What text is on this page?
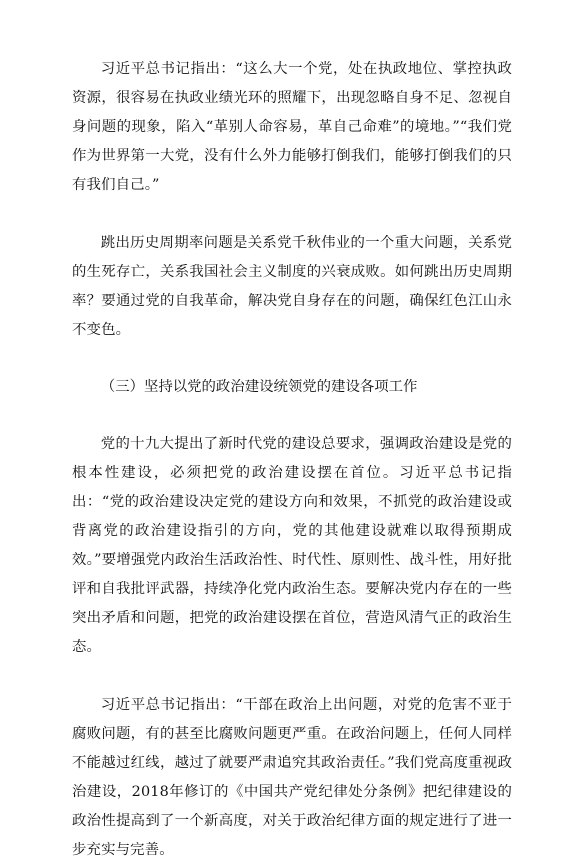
习近平总书记指出：“这么大一个党，处在执政地位、掌控执政资源，很容易在执政业绩光环的照耀下，出现忽略自身不足、忽视自身问题的现象，陷入“革别人命容易，革自己命难”的境地。”“我们党作为世界第一大党，没有什么外力能够打倒我们，能够打倒我们的只有我们自己。”

跳出历史周期率问题是关系党千秋伟业的一个重大问题，关系党的生死存亡，关系我国社会主义制度的兴衰成败。如何跳出历史周期率？要通过党的自我革命，解决党自身存在的问题，确保红色江山永不变色。

（三）坚持以党的政治建设统领党的建设各项工作

党的十九大提出了新时代党的建设总要求，强调政治建设是党的根本性建设，必须把党的政治建设摆在首位。习近平总书记指出：“党的政治建设决定党的建设方向和效果，不抓党的政治建设或背离党的政治建设指引的方向，党的其他建设就难以取得预期成效。”要增强党内政治生活政治性、时代性、原则性、战斗性，用好批评和自我批评武器，持续净化党内政治生态。要解决党内存在的一些突出矛盾和问题，把党的政治建设摆在首位，营造风清气正的政治生态。

习近平总书记指出：“干部在政治上出问题，对党的危害不亚于腐败问题，有的甚至比腐败问题更严重。在政治问题上，任何人同样不能越过红线，越过了就要严肃追究其政治责任。”我们党高度重视政治建设，2018年修订的《中国共产党纪律处分条例》把纪律建设的政治性提高到了一个新高度，对关于政治纪律方面的规定进行了进一步充实与完善。
